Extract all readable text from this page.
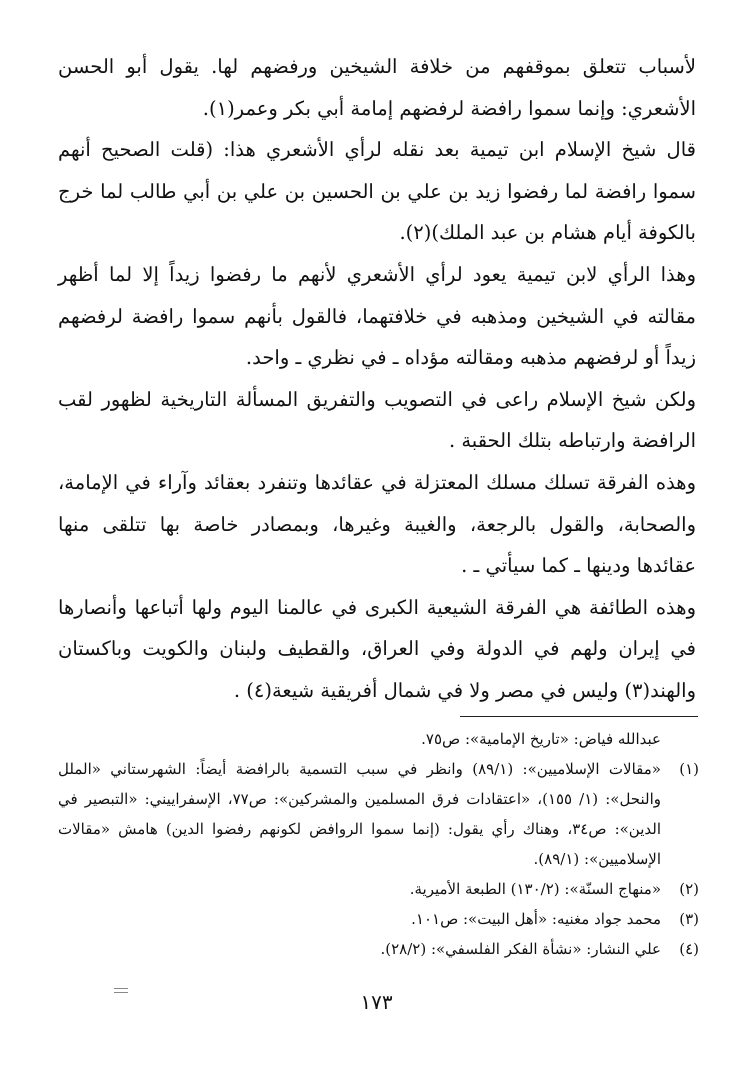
لأسباب تتعلق بموقفهم من خلافة الشيخين ورفضهم لها. يقول أبو الحسن الأشعري: وإنما سموا رافضة لرفضهم إمامة أبي بكر وعمر(١).

قال شيخ الإسلام ابن تيمية بعد نقله لرأي الأشعري هذا: (قلت الصحيح أنهم سموا رافضة لما رفضوا زيد بن علي بن الحسين بن علي بن أبي طالب لما خرج بالكوفة أيام هشام بن عبد الملك)(٢).

وهذا الرأي لابن تيمية يعود لرأي الأشعري لأنهم ما رفضوا زيداً إلا لما أظهر مقالته في الشيخين ومذهبه في خلافتهما، فالقول بأنهم سموا رافضة لرفضهم زيداً أو لرفضهم مذهبه ومقالته مؤداه ـ في نظري ـ واحد.

ولكن شيخ الإسلام راعى في التصويب والتفريق المسألة التاريخية لظهور لقب الرافضة وارتباطه بتلك الحقبة .

وهذه الفرقة تسلك مسلك المعتزلة في عقائدها وتنفرد بعقائد وآراء في الإمامة، والصحابة، والقول بالرجعة، والغيبة وغيرها، وبمصادر خاصة بها تتلقى منها عقائدها ودينها ـ كما سيأتي ـ .

وهذه الطائفة هي الفرقة الشيعية الكبرى في عالمنا اليوم ولها أتباعها وأنصارها في إيران ولهم في الدولة وفي العراق، والقطيف ولبنان والكويت وباكستان والهند(٣) وليس في مصر ولا في شمال أفريقية شيعة(٤) .

عبدالله فياض: «تاريخ الإمامية»: ص٧٥.
(١)
«مقالات الإسلاميين»: (٨٩/١) وانظر في سبب التسمية بالرافضة أيضاً: الشهرستاني «الملل والنحل»: (١/ ١٥٥)، «اعتقادات فرق المسلمين والمشركين»: ص٧٧، الإسفراييني: «التبصير في الدين»: ص٣٤، وهناك رأي يقول: (إنما سموا الروافض لكونهم رفضوا الدين) هامش «مقالات الإسلاميين»: (٨٩/١).
(٢)
«منهاج السنّة»: (١٣٠/٢) الطبعة الأميرية.
(٣)
محمد جواد مغنيه: «أهل البيت»: ص١٠١.
(٤)
علي النشار: «نشأة الفكر الفلسفي»: (٢٨/٢).
١٧٣
